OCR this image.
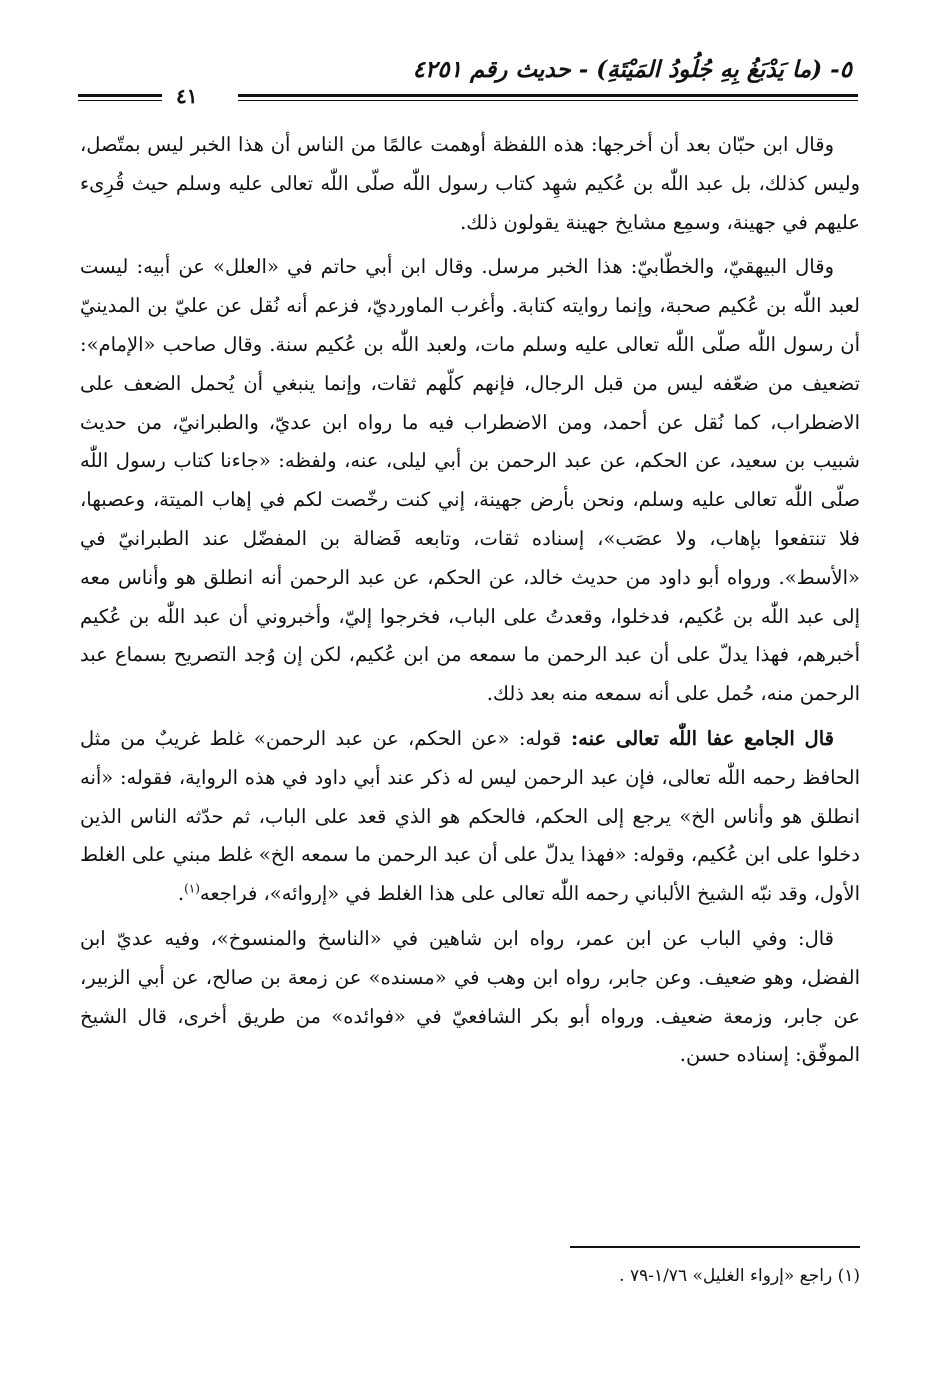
٥- (ما يَدْبَغُ بِهِ جُلُودُ المَيْتَةِ) - حديث رقم ٤٢٥١
٤١

وقال ابن حبّان بعد أن أخرجها: هذه اللفظة أوهمت عالمًا من الناس أن هذا الخبر ليس بمتّصل، وليس كذلك، بل عبد اللّٰه بن عُكيم شهِد كتاب رسول اللّٰه صلّى اللّٰه تعالى عليه وسلم حيث قُرِىء عليهم في جهينة، وسمِع مشايخ جهينة يقولون ذلك.

وقال البيهقيّ، والخطّابيّ: هذا الخبر مرسل. وقال ابن أبي حاتم في «العلل» عن أبيه: ليست لعبد اللّٰه بن عُكيم صحبة، وإنما روايته كتابة. وأغرب الماورديّ، فزعم أنه نُقل عن عليّ بن المدينيّ أن رسول اللّٰه صلّى اللّٰه تعالى عليه وسلم مات، ولعبد اللّٰه بن عُكيم سنة. وقال صاحب «الإمام»: تضعيف من ضعّفه ليس من قبل الرجال، فإنهم كلّهم ثقات، وإنما ينبغي أن يُحمل الضعف على الاضطراب، كما نُقل عن أحمد، ومن الاضطراب فيه ما رواه ابن عديّ، والطبرانيّ، من حديث شبيب بن سعيد، عن الحكم، عن عبد الرحمن بن أبي ليلى، عنه، ولفظه: «جاءنا كتاب رسول اللّٰه صلّى اللّٰه تعالى عليه وسلم، ونحن بأرض جهينة، إني كنت رخّصت لكم في إهاب الميتة، وعصبها، فلا تنتفعوا بإهاب، ولا عصَب»، إسناده ثقات، وتابعه فَضالة بن المفضّل عند الطبرانيّ في «الأسط». ورواه أبو داود من حديث خالد، عن الحكم، عن عبد الرحمن أنه انطلق هو وأناس معه إلى عبد اللّٰه بن عُكيم، فدخلوا، وقعدتُ على الباب، فخرجوا إليّ، وأخبروني أن عبد اللّٰه بن عُكيم أخبرهم، فهذا يدلّ على أن عبد الرحمن ما سمعه من ابن عُكيم، لكن إن وُجد التصريح بسماع عبد الرحمن منه، حُمل على أنه سمعه منه بعد ذلك.

قال الجامع عفا اللّٰه تعالى عنه: قوله: «عن الحكم، عن عبد الرحمن» غلط غريبٌ من مثل الحافظ رحمه اللّٰه تعالى، فإن عبد الرحمن ليس له ذكر عند أبي داود في هذه الرواية، فقوله: «أنه انطلق هو وأناس الخ» يرجع إلى الحكم، فالحكم هو الذي قعد على الباب، ثم حدّثه الناس الذين دخلوا على ابن عُكيم، وقوله: «فهذا يدلّ على أن عبد الرحمن ما سمعه الخ» غلط مبني على الغلط الأول، وقد نبّه الشيخ الألباني رحمه اللّٰه تعالى على هذا الغلط في «إروائه»، فراجعه$^{(١)}$.

قال: وفي الباب عن ابن عمر، رواه ابن شاهين في «الناسخ والمنسوخ»، وفيه عديّ ابن الفضل، وهو ضعيف. وعن جابر، رواه ابن وهب في «مسنده» عن زمعة بن صالح، عن أبي الزبير، عن جابر، وزمعة ضعيف. ورواه أبو بكر الشافعيّ في «فوائده» من طريق أخرى، قال الشيخ الموفّق: إسناده حسن.

(١) راجع «إرواء الغليل» ١/٧٦-٧٩ .
